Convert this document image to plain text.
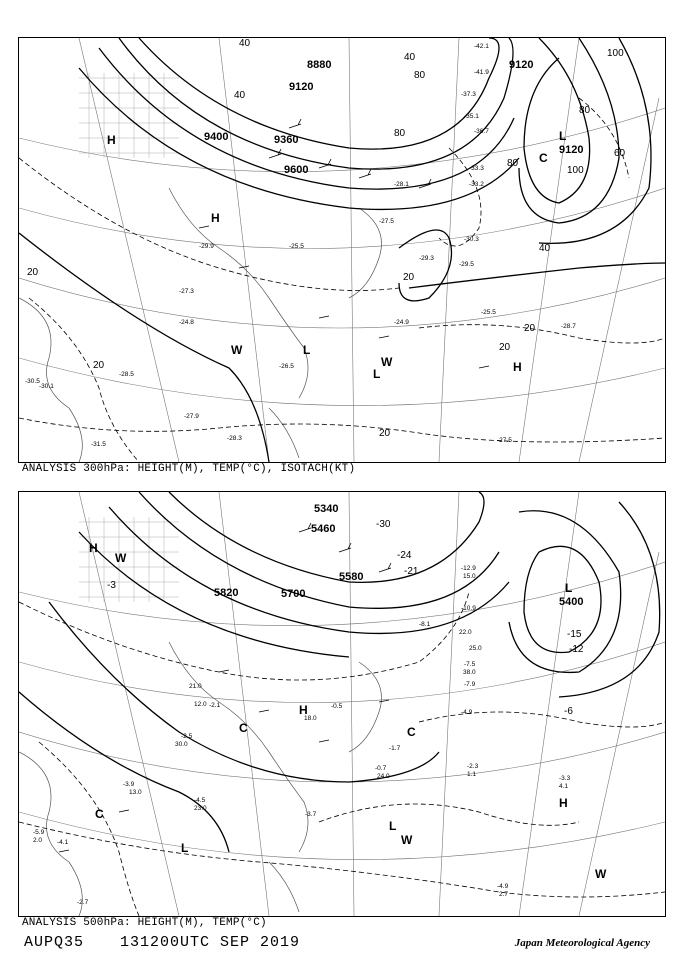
9120
9120
9120
9360
9400
9600
8880
40
40
40
80
80
80
80
100
100
60
40
20	20
20
20
20
20
-42.1
-41.9
-37.3
-35.1
-36.7
-33.3
-33.2
-28.1
-27.5
-30.3
-29.3
-29.5
-25.5
-28.7
-24.9
-26.5
-28.5
-27.9
-28.3
-30.5
-27.5
-24.8
-25.5
-27.3
-30.1
-31.5
-29.9
H
H
H
L
L
L
W
W
C
ANALYSIS 300hPa: HEIGHT(M), TEMP(°C), ISOTACH(KT)
5400
5580
5820	5700
5460
5340
-30
-24
-21
-15
-12
-6
-3
-12.9
-10.9
-8.1
-7.5
-7.9
-4.9
-2.3
-3.3
-2.1	-0.5
-1.7
-0.7
-2.5
-3.9
-4.5
-3.7
-5.9
-4.1
-4.9
-2.7
15.0
22.0
25.0
38.0
24.0
18.0
12.0
30.0
23.0
1.1
4.1
2.7
2.0
13.0
21.0
H
H
H
L
L
L
W
W
W
C	C
C
ANALYSIS 500hPa: HEIGHT(M), TEMP(°C)
AUPQ35 131200UTC SEP 2019	Japan Meteorological Agency
